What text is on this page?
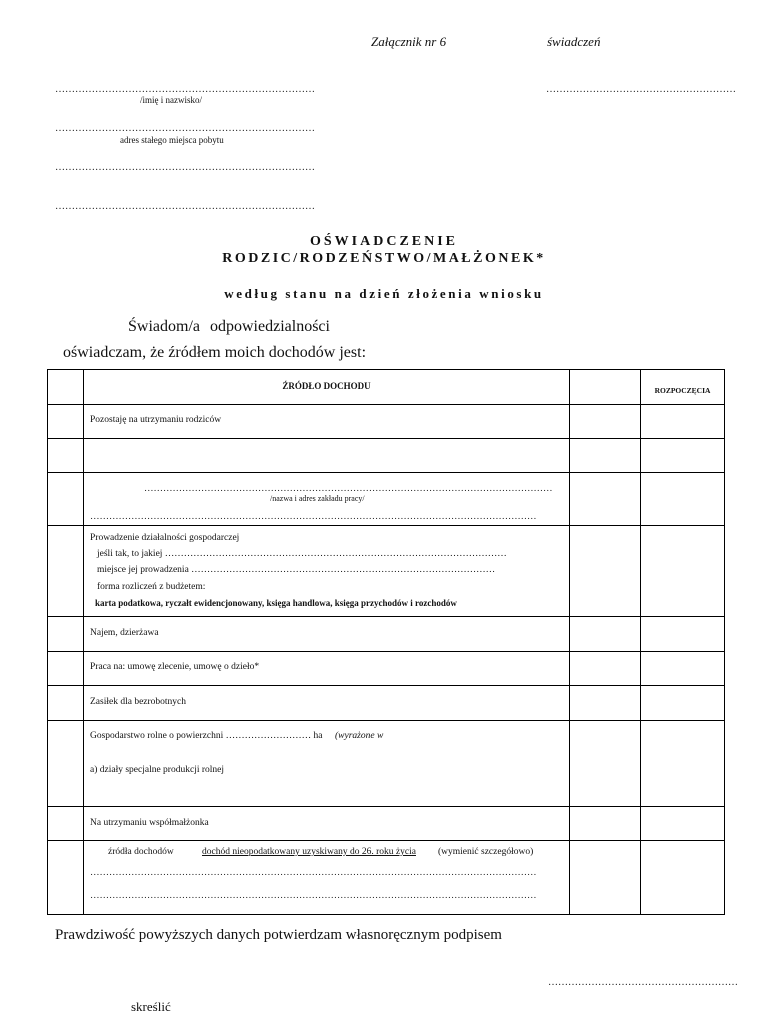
Załącznik nr 6	świadczeń
……………………………………………………………………
/imię i nazwisko/
…………………………………………………
……………………………………………………………………
adres stałego miejsca pobytu
……………………………………………………………………
……………………………………………………………………
OŚWIADCZENIE
RODZIC/RODZEŃSTWO/MAŁŻONEK*
według stanu na dzień złożenia wniosku
Świadom/a odpowiedzialności
oświadczam, że źródłem moich dochodów jest:

	ŹRÓDŁO DOCHODU		ROZPOCZĘCIA

	Pozostaję na utrzymaniu rodziców		

	…………………………………………………………………………………………………………………
/nazwa i adres zakładu pracy/
……………………………………………………………………………………………………………………………		

	Prowadzenie działalności gospodarczej
jeśli tak, to jakiej ………………………………………………………………………………………………
miejsce jej prowadzenia ……………………………………………………………………………………
forma rozliczeń z budżetem:
karta podatkowa, ryczałt ewidencjonowany, księga handlowa, księga przychodów i rozchodów		

	Najem, dzierżawa		

	Praca na: umowę zlecenie, umowę o dzieło*		

	Zasiłek dla bezrobotnych		

	Gospodarstwo rolne o powierzchni ……………………… ha (wyrażone w
a) działy specjalne produkcji rolnej		

	Na utrzymaniu współmałżonka		

	źródła dochodów dochód nieopodatkowany uzyskiwany do 26. roku życia (wymienić szczegółowo)
……………………………………………………………………………………………………………………………
……………………………………………………………………………………………………………………………		

Prawdziwość powyższych danych potwierdzam własnoręcznym podpisem
…………………………………………………
skreślić
